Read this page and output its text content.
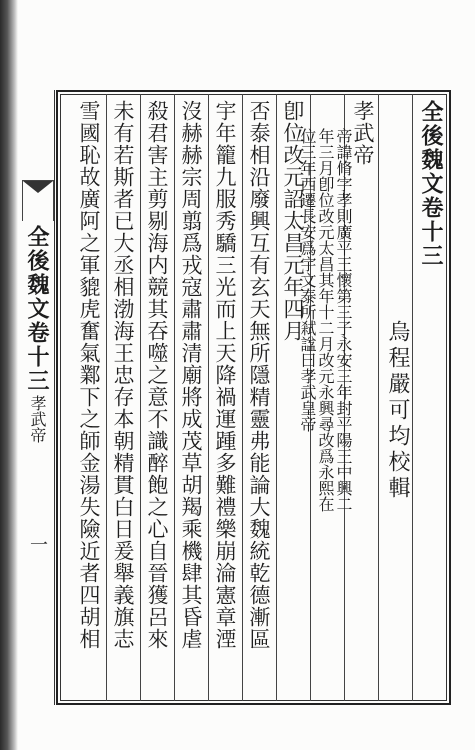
全後魏文卷十三
孝武帝
一
全後魏文卷十三
烏程嚴可均校輯
孝武帝
帝諱脩字孝則廣平王懷第三子永安三年封平陽王中興二
年三月卽位改元太昌其年十二月改元永興尋改爲永熙在
位三年西遷長安爲宇文泰所弒諡曰孝武皇帝
卽位改元詔太昌元年四月
否泰相沿廢興互有玄天無所隱精靈弗能論大魏統乾德漸區
宇年籠九服秀驕三光而上天降禍運踵多難禮樂崩淪憲章湮
沒赫赫宗周翦爲戎寇肅肅清廟將成茂草胡羯乘機肆其昏虐
殺君害主剪剔海内競其吞噬之意不識醉飽之心自晉獲呂來
未有若斯者已大丞相渤海王忠存本朝精貫白日爰舉義旗志
雪國恥故廣阿之軍貔虎奮氣鄴下之師金湯失險近者四胡相
